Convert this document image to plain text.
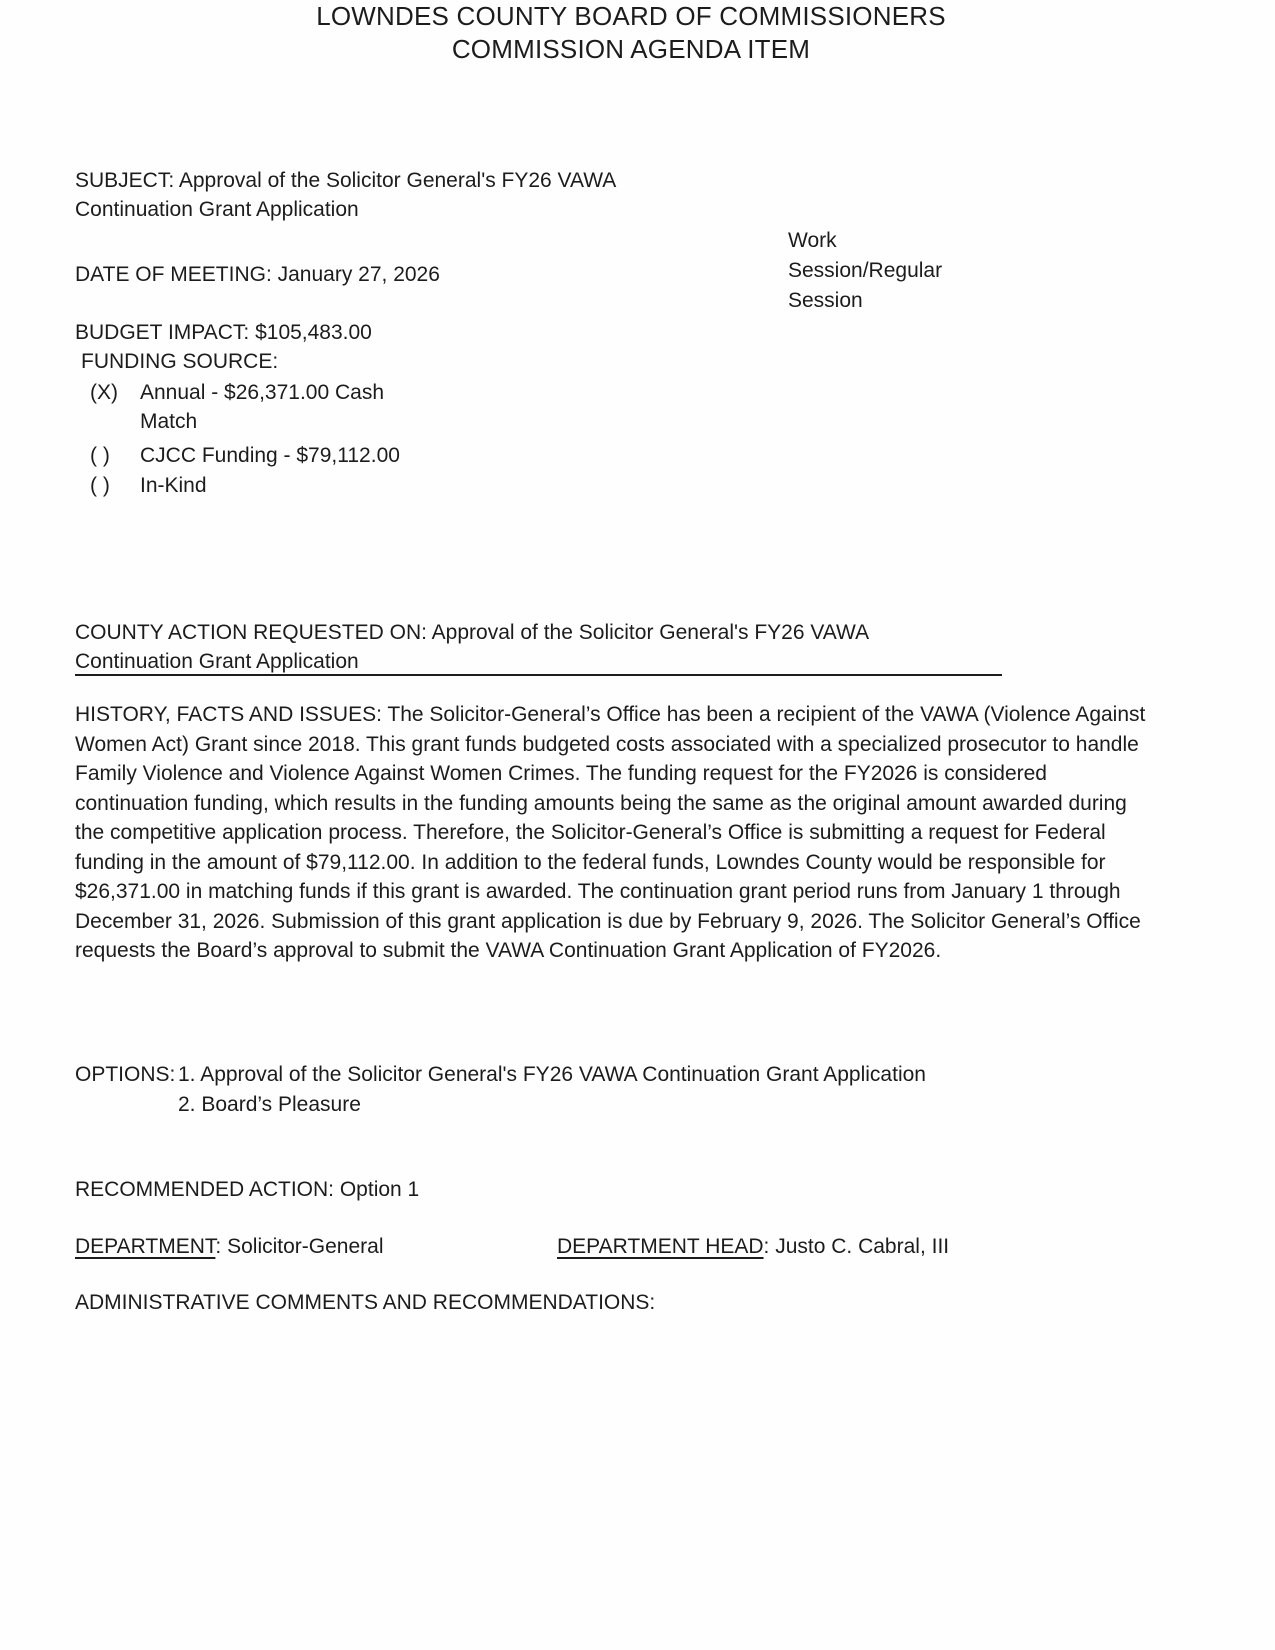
LOWNDES COUNTY BOARD OF COMMISSIONERS
COMMISSION AGENDA ITEM
SUBJECT: Approval of the Solicitor General's FY26 VAWA Continuation Grant Application
Work Session/Regular Session
DATE OF MEETING: January 27, 2026
BUDGET IMPACT: $105,483.00
FUNDING SOURCE:
(X)	Annual - $26,371.00 Cash Match
( )	CJCC Funding - $79,112.00
( )	In-Kind
COUNTY ACTION REQUESTED ON: Approval of the Solicitor General's FY26 VAWA Continuation Grant Application
HISTORY, FACTS AND ISSUES: The Solicitor-General’s Office has been a recipient of the VAWA (Violence Against Women Act) Grant since 2018. This grant funds budgeted costs associated with a specialized prosecutor to handle Family Violence and Violence Against Women Crimes. The funding request for the FY2026 is considered continuation funding, which results in the funding amounts being the same as the original amount awarded during the competitive application process. Therefore, the Solicitor-General’s Office is submitting a request for Federal funding in the amount of $79,112.00. In addition to the federal funds, Lowndes County would be responsible for $26,371.00 in matching funds if this grant is awarded. The continuation grant period runs from January 1 through December 31, 2026. Submission of this grant application is due by February 9, 2026. The Solicitor General’s Office requests the Board’s approval to submit the VAWA Continuation Grant Application of FY2026.
OPTIONS: 1. Approval of the Solicitor General's FY26 VAWA Continuation Grant Application
2. Board’s Pleasure
RECOMMENDED ACTION: Option 1
DEPARTMENT: Solicitor-General	DEPARTMENT HEAD: Justo C. Cabral, III
ADMINISTRATIVE COMMENTS AND RECOMMENDATIONS:
